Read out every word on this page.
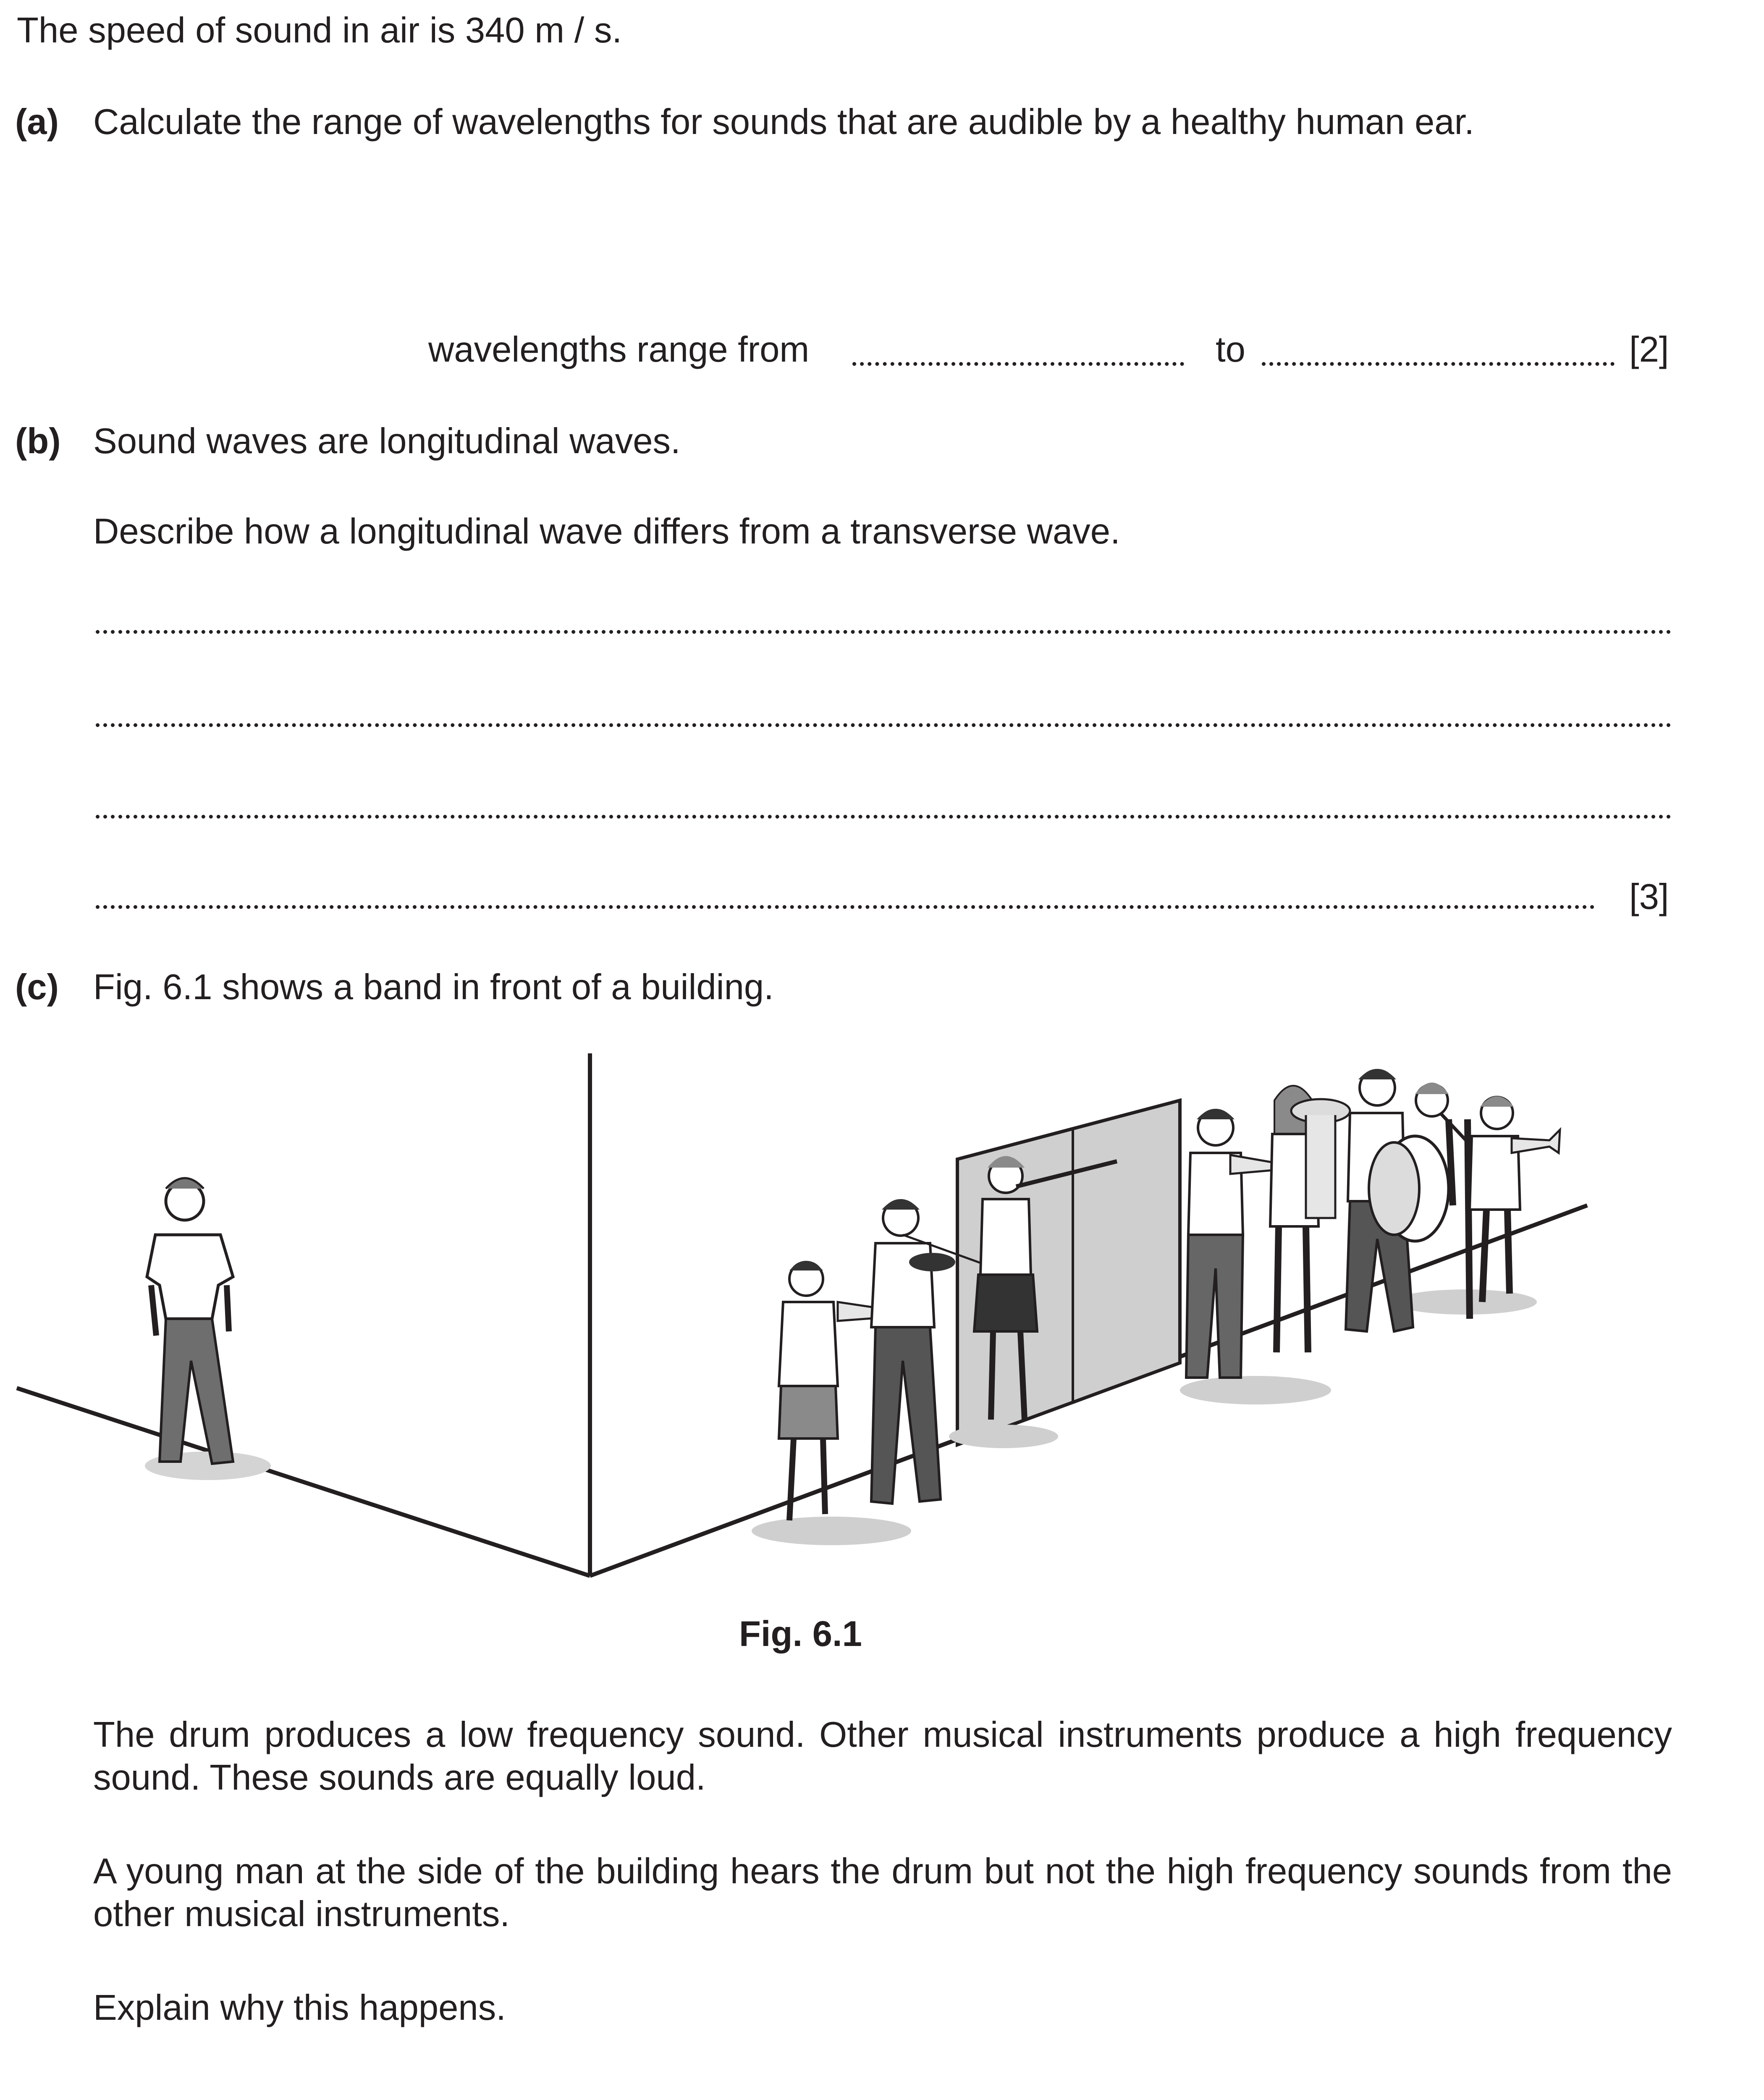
The speed of sound in air is 340 m / s.
(a) Calculate the range of wavelengths for sounds that are audible by a healthy human ear.
wavelengths range from	to	[2]
(b) Sound waves are longitudinal waves.
Describe how a longitudinal wave differs from a transverse wave.
[3]
(c) Fig. 6.1 shows a band in front of a building.
Fig. 6.1
The drum produces a low frequency sound. Other musical instruments produce a high frequency sound. These sounds are equally loud.
A young man at the side of the building hears the drum but not the high frequency sounds from the other musical instruments.
Explain why this happens.
